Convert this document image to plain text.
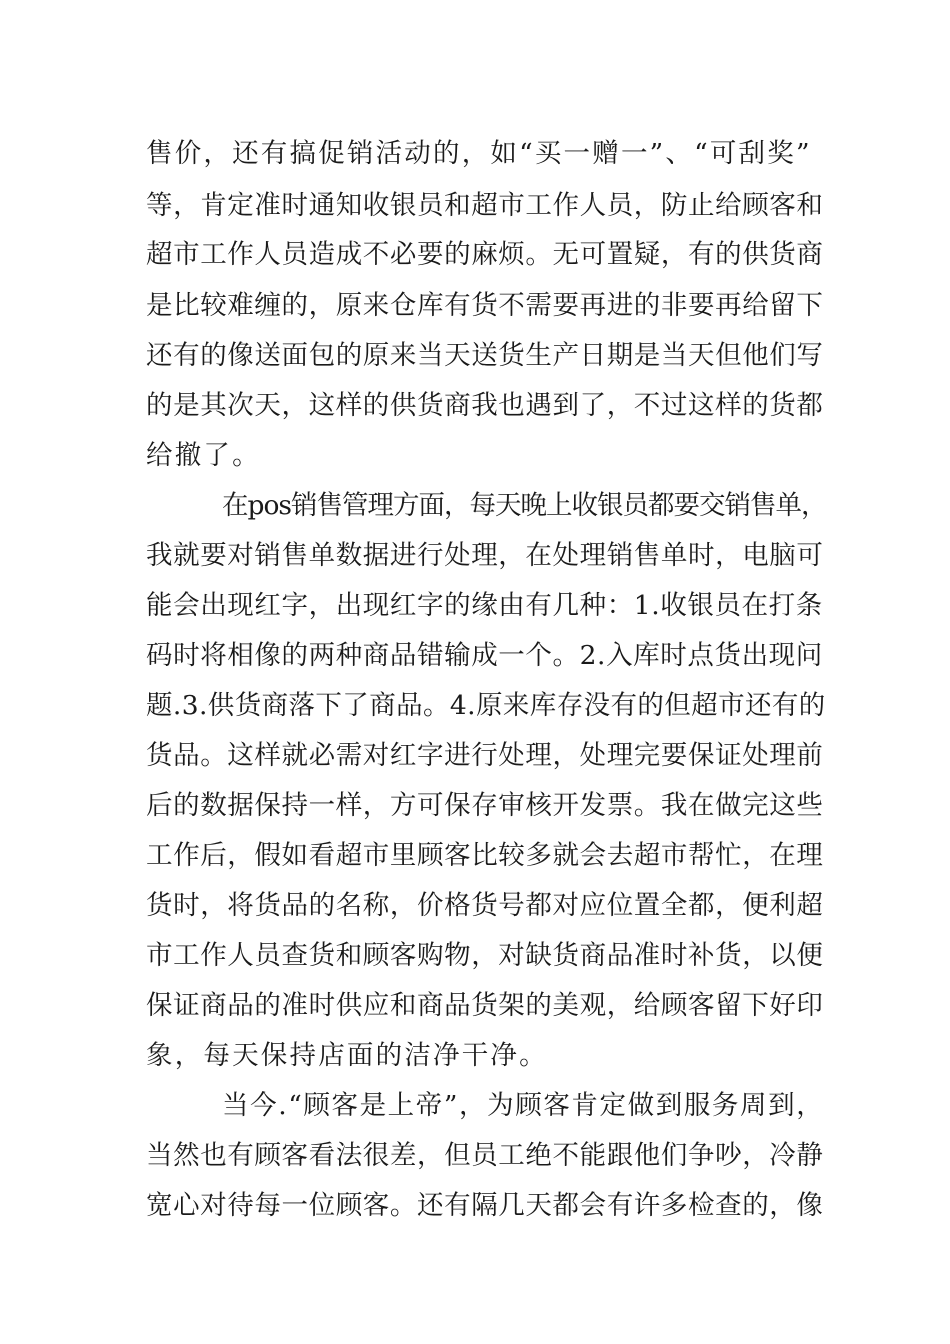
售价，还有搞促销活动的，如“买一赠一”、“可刮奖”
等，肯定准时通知收银员和超市工作人员，防止给顾客和
超市工作人员造成不必要的麻烦。无可置疑，有的供货商
是比较难缠的，原来仓库有货不需要再进的非要再给留下
还有的像送面包的原来当天送货生产日期是当天但他们写
的是其次天，这样的供货商我也遇到了，不过这样的货都
给撤了。
在pos销售管理方面，每天晚上收银员都要交销售单，
我就要对销售单数据进行处理，在处理销售单时，电脑可
能会出现红字，出现红字的缘由有几种：1.收银员在打条
码时将相像的两种商品错输成一个。2.入库时点货出现问
题.3.供货商落下了商品。4.原来库存没有的但超市还有的
货品。这样就必需对红字进行处理，处理完要保证处理前
后的数据保持一样，方可保存审核开发票。我在做完这些
工作后，假如看超市里顾客比较多就会去超市帮忙，在理
货时，将货品的名称，价格货号都对应位置全都，便利超
市工作人员查货和顾客购物，对缺货商品准时补货，以便
保证商品的准时供应和商品货架的美观，给顾客留下好印
象，每天保持店面的洁净干净。
当今.“顾客是上帝”，为顾客肯定做到服务周到，
当然也有顾客看法很差，但员工绝不能跟他们争吵，冷静
宽心对待每一位顾客。还有隔几天都会有许多检查的，像
